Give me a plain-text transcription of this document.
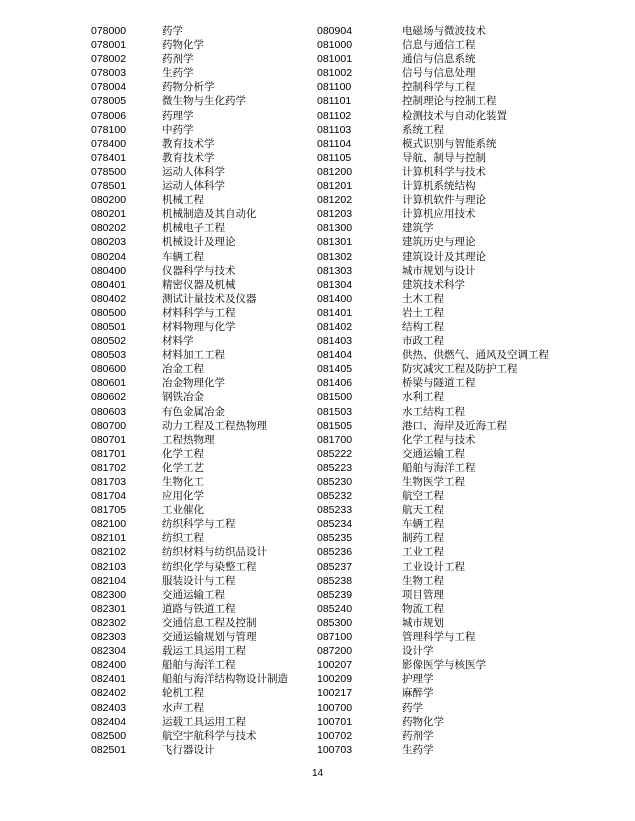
078000	药学
078001	药物化学
078002	药剂学
078003	生药学
078004	药物分析学
078005	微生物与生化药学
078006	药理学
078100	中药学
078400	教育技术学
078401	教育技术学
078500	运动人体科学
078501	运动人体科学
080200	机械工程
080201	机械制造及其自动化
080202	机械电子工程
080203	机械设计及理论
080204	车辆工程
080400	仪器科学与技术
080401	精密仪器及机械
080402	测试计量技术及仪器
080500	材料科学与工程
080501	材料物理与化学
080502	材料学
080503	材料加工工程
080600	冶金工程
080601	冶金物理化学
080602	钢铁冶金
080603	有色金属冶金
080700	动力工程及工程热物理
080701	工程热物理
081701	化学工程
081702	化学工艺
081703	生物化工
081704	应用化学
081705	工业催化
082100	纺织科学与工程
082101	纺织工程
082102	纺织材料与纺织品设计
082103	纺织化学与染整工程
082104	服装设计与工程
082300	交通运输工程
082301	道路与铁道工程
082302	交通信息工程及控制
082303	交通运输规划与管理
082304	载运工具运用工程
082400	船舶与海洋工程
082401	船舶与海洋结构物设计制造
082402	轮机工程
082403	水声工程
082404	运载工具运用工程
082500	航空宇航科学与技术
082501	飞行器设计
080904	电磁场与微波技术
081000	信息与通信工程
081001	通信与信息系统
081002	信号与信息处理
081100	控制科学与工程
081101	控制理论与控制工程
081102	检测技术与自动化装置
081103	系统工程
081104	模式识别与智能系统
081105	导航、制导与控制
081200	计算机科学与技术
081201	计算机系统结构
081202	计算机软件与理论
081203	计算机应用技术
081300	建筑学
081301	建筑历史与理论
081302	建筑设计及其理论
081303	城市规划与设计
081304	建筑技术科学
081400	土木工程
081401	岩土工程
081402	结构工程
081403	市政工程
081404	供热、供燃气、通风及空调工程
081405	防灾减灾工程及防护工程
081406	桥梁与隧道工程
081500	水利工程
081503	水工结构工程
081505	港口、海岸及近海工程
081700	化学工程与技术
085222	交通运输工程
085223	船舶与海洋工程
085230	生物医学工程
085232	航空工程
085233	航天工程
085234	车辆工程
085235	制药工程
085236	工业工程
085237	工业设计工程
085238	生物工程
085239	项目管理
085240	物流工程
085300	城市规划
087100	管理科学与工程
087200	设计学
100207	影像医学与核医学
100209	护理学
100217	麻醉学
100700	药学
100701	药物化学
100702	药剂学
100703	生药学
14
